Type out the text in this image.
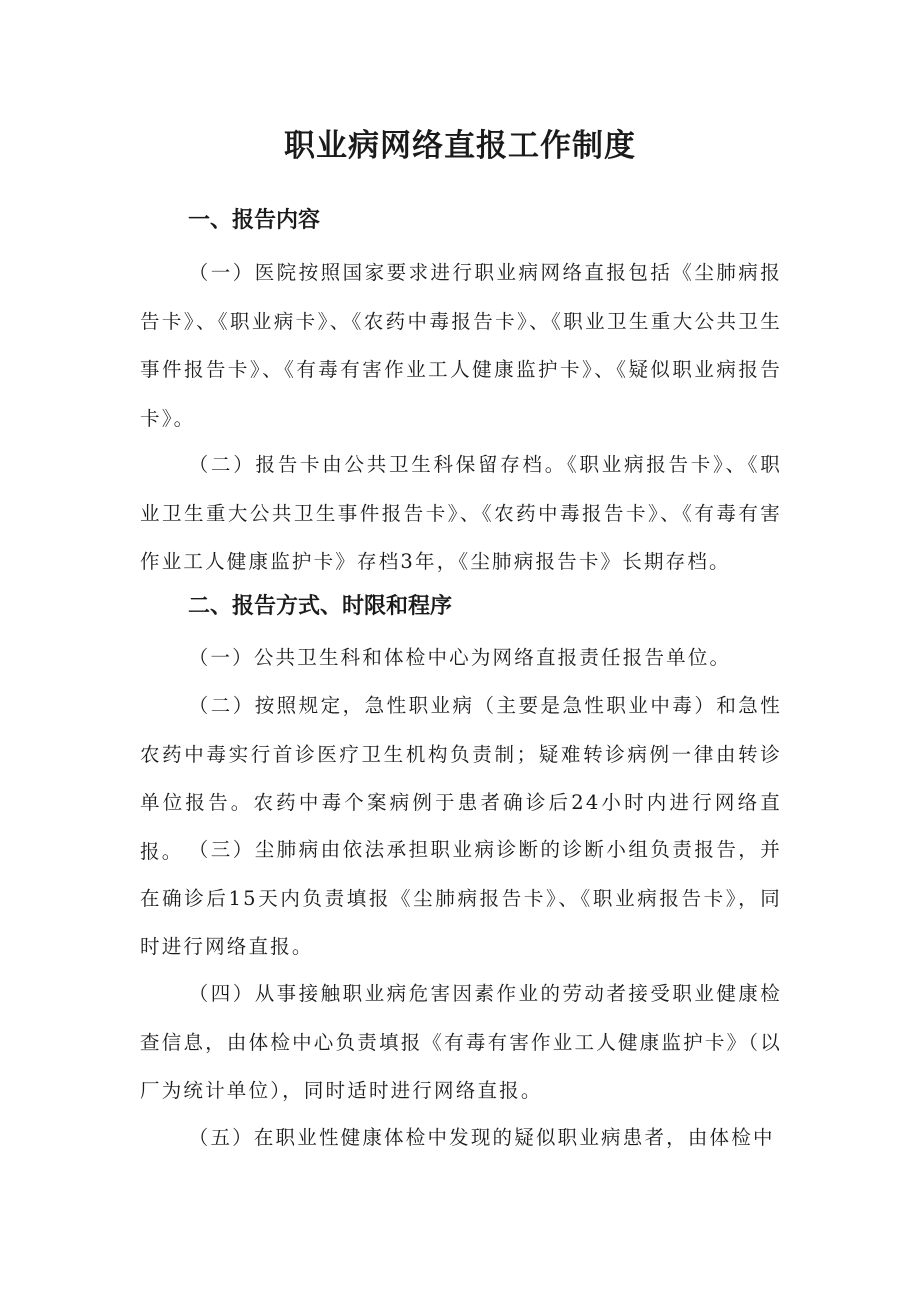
职业病网络直报工作制度
一、报告内容

（一）医院按照国家要求进行职业病网络直报包括《尘肺病报告卡》、《职业病卡》、《农药中毒报告卡》、《职业卫生重大公共卫生事件报告卡》、《有毒有害作业工人健康监护卡》、《疑似职业病报告卡》。

（二）报告卡由公共卫生科保留存档。《职业病报告卡》、《职业卫生重大公共卫生事件报告卡》、《农药中毒报告卡》、《有毒有害作业工人健康监护卡》存档3年，《尘肺病报告卡》长期存档。

二、报告方式、时限和程序

（一）公共卫生科和体检中心为网络直报责任报告单位。

（二）按照规定，急性职业病（主要是急性职业中毒）和急性农药中毒实行首诊医疗卫生机构负责制；疑难转诊病例一律由转诊单位报告。农药中毒个案病例于患者确诊后24小时内进行网络直报。 （三）尘肺病由依法承担职业病诊断的诊断小组负责报告，并在确诊后15天内负责填报《尘肺病报告卡》、《职业病报告卡》，同时进行网络直报。

（四）从事接触职业病危害因素作业的劳动者接受职业健康检查信息，由体检中心负责填报《有毒有害作业工人健康监护卡》（以厂为统计单位），同时适时进行网络直报。

（五）在职业性健康体检中发现的疑似职业病患者，由体检中
